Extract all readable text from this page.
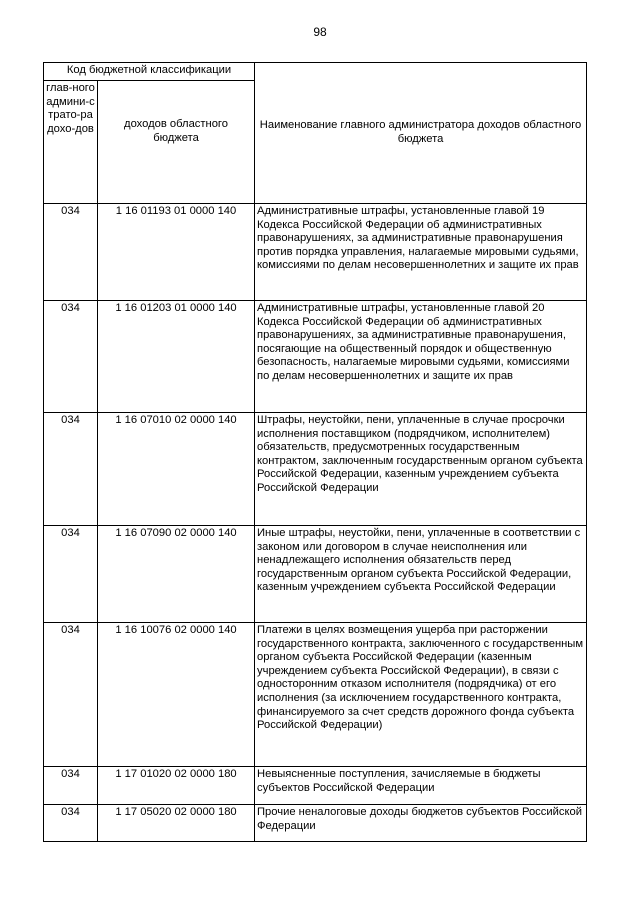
98
Код бюджетной классификации		Наименование главного администратора доходов областного бюджета
глав-ного админи-страто-ра дохо-дов	доходов областного бюджета	
034	1 16 01193 01 0000 140	Административные штрафы, установленные главой 19 Кодекса Российской Федерации об административных правонарушениях, за административные правонарушения против порядка управления, налагаемые мировыми судьями, комиссиями по делам несовершеннолетних и защите их прав
034	1 16 01203 01 0000 140	Административные штрафы, установленные главой 20 Кодекса Российской Федерации об административных правонарушениях, за административные правонарушения, посягающие на общественный порядок и общественную безопасность, налагаемые мировыми судьями, комиссиями по делам несовершеннолетних и защите их прав
034	1 16 07010 02 0000 140	Штрафы, неустойки, пени, уплаченные в случае просрочки исполнения поставщиком (подрядчиком, исполнителем) обязательств, предусмотренных государственным контрактом, заключенным государственным органом субъекта Российской Федерации, казенным учреждением субъекта Российской Федерации
034	1 16 07090 02 0000 140	Иные штрафы, неустойки, пени, уплаченные в соответствии с законом или договором в случае неисполнения или ненадлежащего исполнения обязательств перед государственным органом субъекта Российской Федерации, казенным учреждением субъекта Российской Федерации
034	1 16 10076 02 0000 140	Платежи в целях возмещения ущерба при расторжении государственного контракта, заключенного с государственным органом субъекта Российской Федерации (казенным учреждением субъекта Российской Федерации), в связи с односторонним отказом исполнителя (подрядчика) от его исполнения (за исключением государственного контракта, финансируемого за счет средств дорожного фонда субъекта Российской Федерации)
034	1 17 01020 02 0000 180	Невыясненные поступления, зачисляемые в бюджеты субъектов Российской Федерации
034	1 17 05020 02 0000 180	Прочие неналоговые доходы бюджетов субъектов Российской Федерации
